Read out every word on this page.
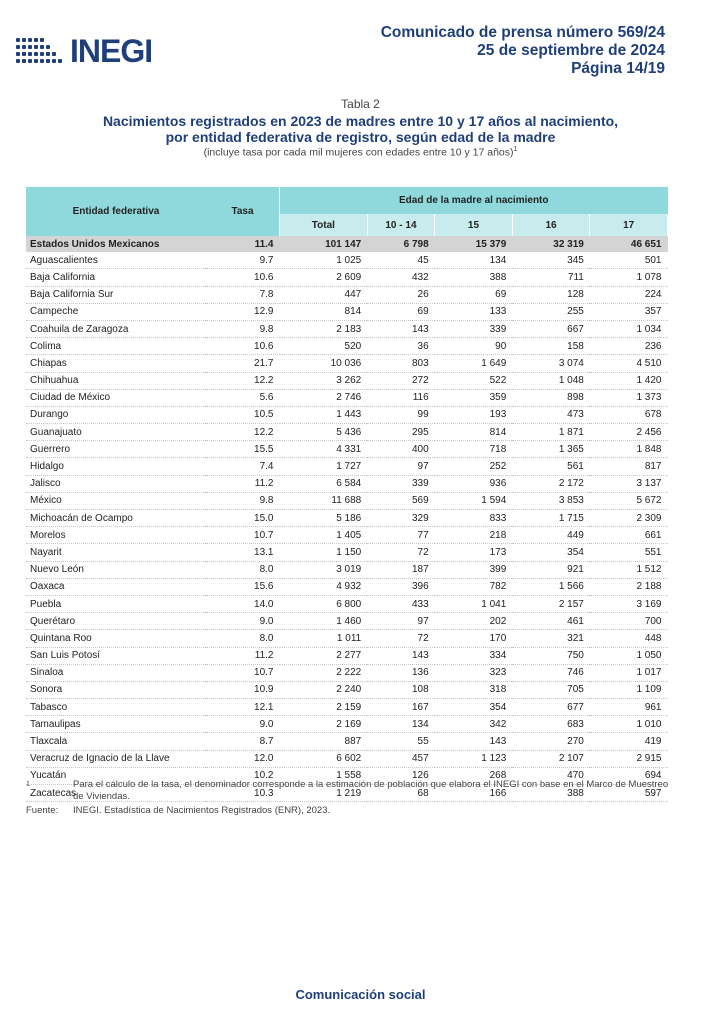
INEGI	Comunicado de prensa número 569/24
25 de septiembre de 2024
Página 14/19
Tabla 2
Nacimientos registrados en 2023 de madres entre 10 y 17 años al nacimiento,
por entidad federativa de registro, según edad de la madre
(incluye tasa por cada mil mujeres con edades entre 10 y 17 años)$^1$
Entidad federativa	Tasa	Edad de la madre al nacimiento				
		Total	10 - 14	15	16	17
Estados Unidos Mexicanos	11.4	101 147	6 798	15 379	32 319	46 651
Aguascalientes	9.7	1 025	45	134	345	501
Baja California	10.6	2 609	432	388	711	1 078
Baja California Sur	7.8	447	26	69	128	224
Campeche	12.9	814	69	133	255	357
Coahuila de Zaragoza	9.8	2 183	143	339	667	1 034
Colima	10.6	520	36	90	158	236
Chiapas	21.7	10 036	803	1 649	3 074	4 510
Chihuahua	12.2	3 262	272	522	1 048	1 420
Ciudad de México	5.6	2 746	116	359	898	1 373
Durango	10.5	1 443	99	193	473	678
Guanajuato	12.2	5 436	295	814	1 871	2 456
Guerrero	15.5	4 331	400	718	1 365	1 848
Hidalgo	7.4	1 727	97	252	561	817
Jalisco	11.2	6 584	339	936	2 172	3 137
México	9.8	11 688	569	1 594	3 853	5 672
Michoacán de Ocampo	15.0	5 186	329	833	1 715	2 309
Morelos	10.7	1 405	77	218	449	661
Nayarit	13.1	1 150	72	173	354	551
Nuevo León	8.0	3 019	187	399	921	1 512
Oaxaca	15.6	4 932	396	782	1 566	2 188
Puebla	14.0	6 800	433	1 041	2 157	3 169
Querétaro	9.0	1 460	97	202	461	700
Quintana Roo	8.0	1 011	72	170	321	448
San Luis Potosí	11.2	2 277	143	334	750	1 050
Sinaloa	10.7	2 222	136	323	746	1 017
Sonora	10.9	2 240	108	318	705	1 109
Tabasco	12.1	2 159	167	354	677	961
Tamaulipas	9.0	2 169	134	342	683	1 010
Tlaxcala	8.7	887	55	143	270	419
Veracruz de Ignacio de la Llave	12.0	6 602	457	1 123	2 107	2 915
Yucatán	10.2	1 558	126	268	470	694
Zacatecas	10.3	1 219	68	166	388	597
1	Para el cálculo de la tasa, el denominador corresponde a la estimación de población que elabora el INEGI con base en el Marco de Muestreo de Viviendas.
Fuente: INEGI. Estadística de Nacimientos Registrados (ENR), 2023.
Comunicación social
